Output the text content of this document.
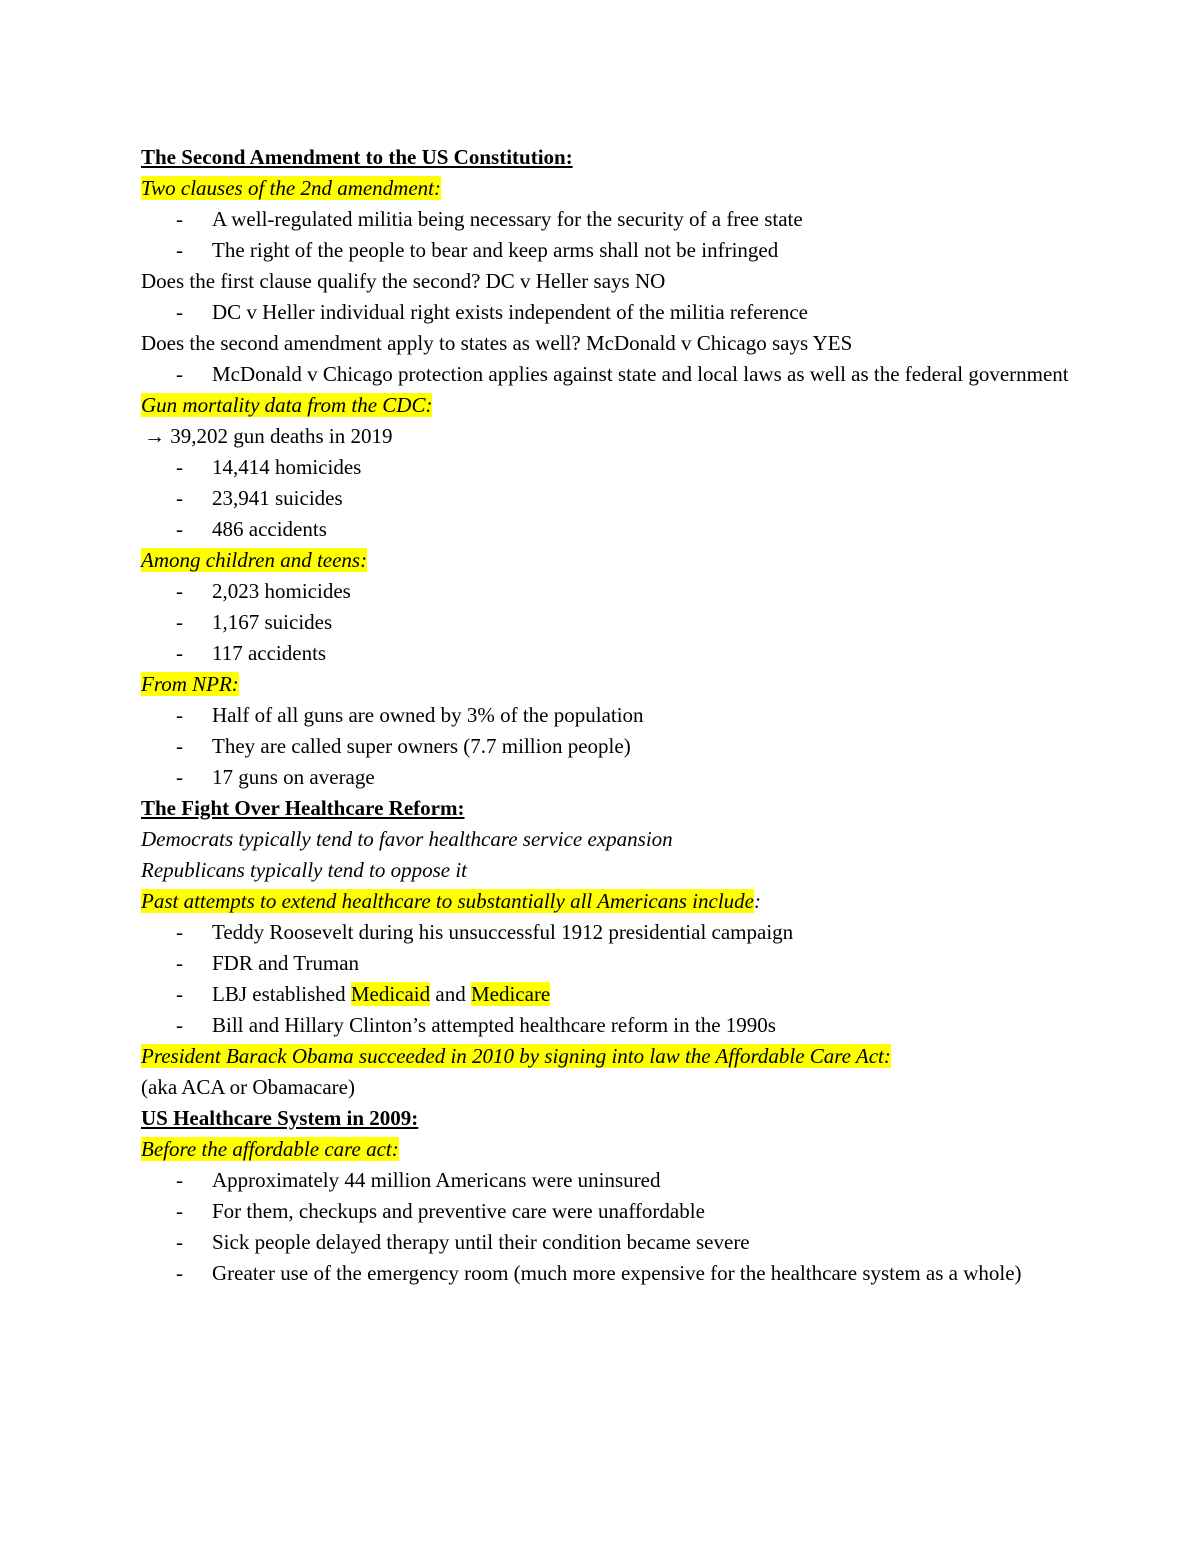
The Second Amendment to the US Constitution:
Two clauses of the 2nd amendment:
- A well-regulated militia being necessary for the security of a free state
- The right of the people to bear and keep arms shall not be infringed
Does the first clause qualify the second? DC v Heller says NO
- DC v Heller individual right exists independent of the militia reference
Does the second amendment apply to states as well? McDonald v Chicago says YES
- McDonald v Chicago protection applies against state and local laws as well as the federal government
Gun mortality data from the CDC:
→ 39,202 gun deaths in 2019
- 14,414 homicides
- 23,941 suicides
- 486 accidents
Among children and teens:
- 2,023 homicides
- 1,167 suicides
- 117 accidents
From NPR:
- Half of all guns are owned by 3% of the population
- They are called super owners (7.7 million people)
- 17 guns on average
The Fight Over Healthcare Reform:
Democrats typically tend to favor healthcare service expansion
Republicans typically tend to oppose it
Past attempts to extend healthcare to substantially all Americans include:
- Teddy Roosevelt during his unsuccessful 1912 presidential campaign
- FDR and Truman
- LBJ established Medicaid and Medicare
- Bill and Hillary Clinton’s attempted healthcare reform in the 1990s
President Barack Obama succeeded in 2010 by signing into law the Affordable Care Act:
(aka ACA or Obamacare)
US Healthcare System in 2009:
Before the affordable care act:
- Approximately 44 million Americans were uninsured
- For them, checkups and preventive care were unaffordable
- Sick people delayed therapy until their condition became severe
- Greater use of the emergency room (much more expensive for the healthcare system as a whole)
